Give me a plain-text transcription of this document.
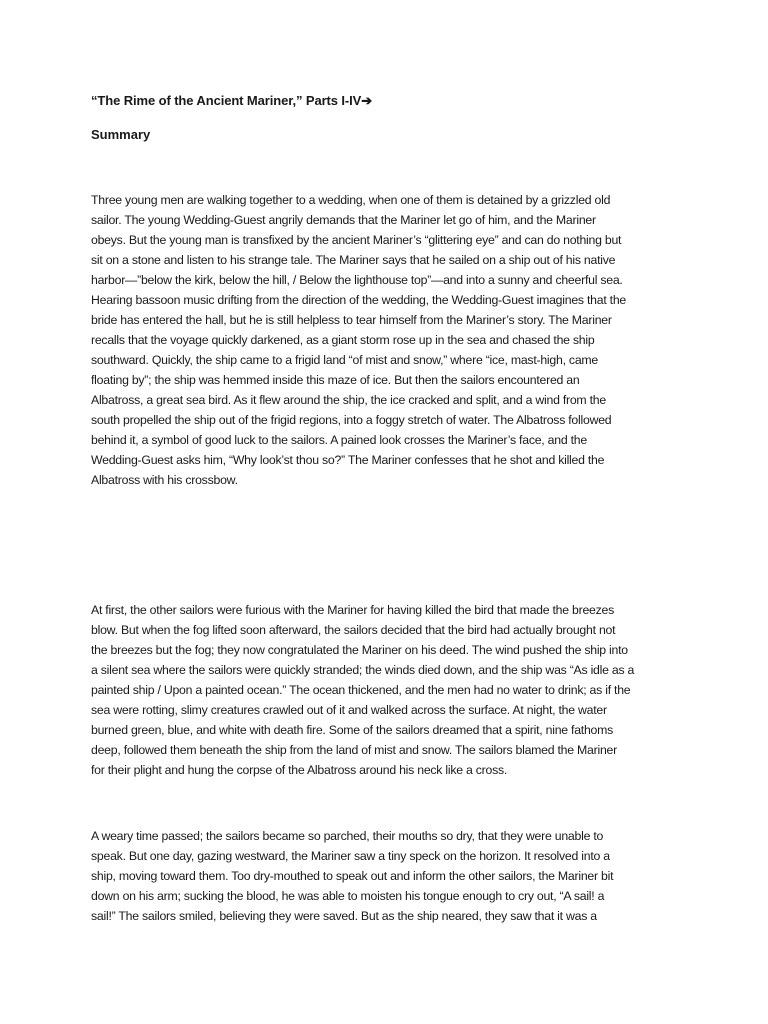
“The Rime of the Ancient Mariner,” Parts I-IV➔
Summary
Three young men are walking together to a wedding, when one of them is detained by a grizzled old
sailor. The young Wedding-Guest angrily demands that the Mariner let go of him, and the Mariner
obeys. But the young man is transfixed by the ancient Mariner’s “glittering eye” and can do nothing but
sit on a stone and listen to his strange tale. The Mariner says that he sailed on a ship out of his native
harbor—”below the kirk, below the hill, / Below the lighthouse top”—and into a sunny and cheerful sea.
Hearing bassoon music drifting from the direction of the wedding, the Wedding-Guest imagines that the
bride has entered the hall, but he is still helpless to tear himself from the Mariner’s story. The Mariner
recalls that the voyage quickly darkened, as a giant storm rose up in the sea and chased the ship
southward. Quickly, the ship came to a frigid land “of mist and snow,” where “ice, mast-high, came
floating by”; the ship was hemmed inside this maze of ice. But then the sailors encountered an
Albatross, a great sea bird. As it flew around the ship, the ice cracked and split, and a wind from the
south propelled the ship out of the frigid regions, into a foggy stretch of water. The Albatross followed
behind it, a symbol of good luck to the sailors. A pained look crosses the Mariner’s face, and the
Wedding-Guest asks him, “Why look’st thou so?” The Mariner confesses that he shot and killed the
Albatross with his crossbow.
At first, the other sailors were furious with the Mariner for having killed the bird that made the breezes
blow. But when the fog lifted soon afterward, the sailors decided that the bird had actually brought not
the breezes but the fog; they now congratulated the Mariner on his deed. The wind pushed the ship into
a silent sea where the sailors were quickly stranded; the winds died down, and the ship was “As idle as a
painted ship / Upon a painted ocean.” The ocean thickened, and the men had no water to drink; as if the
sea were rotting, slimy creatures crawled out of it and walked across the surface. At night, the water
burned green, blue, and white with death fire. Some of the sailors dreamed that a spirit, nine fathoms
deep, followed them beneath the ship from the land of mist and snow. The sailors blamed the Mariner
for their plight and hung the corpse of the Albatross around his neck like a cross.
A weary time passed; the sailors became so parched, their mouths so dry, that they were unable to
speak. But one day, gazing westward, the Mariner saw a tiny speck on the horizon. It resolved into a
ship, moving toward them. Too dry-mouthed to speak out and inform the other sailors, the Mariner bit
down on his arm; sucking the blood, he was able to moisten his tongue enough to cry out, “A sail! a
sail!” The sailors smiled, believing they were saved. But as the ship neared, they saw that it was a
